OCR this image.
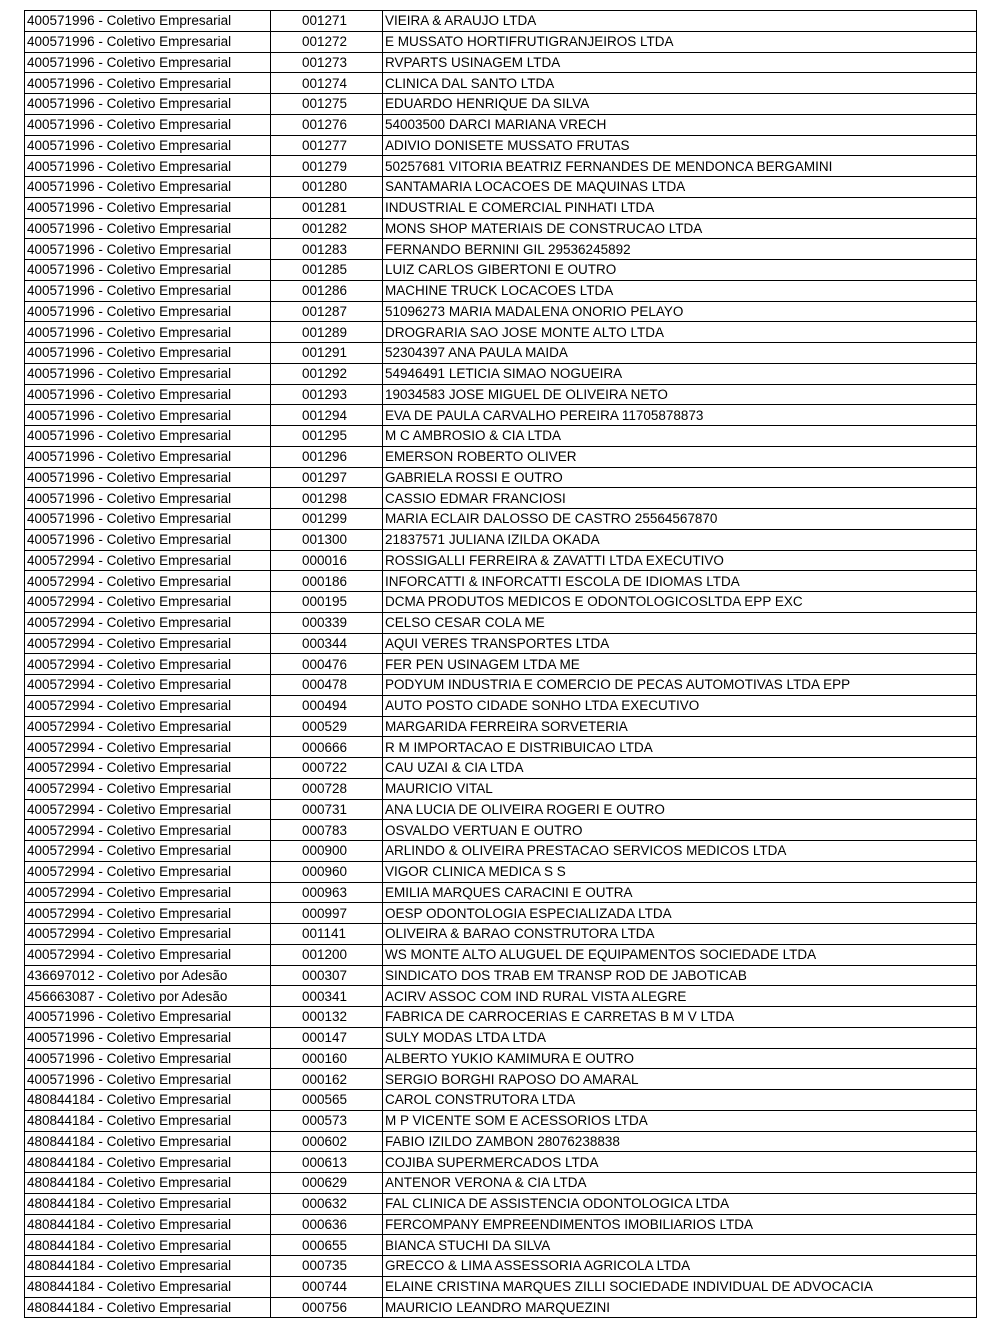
400571996 - Coletivo Empresarial	001271	VIEIRA & ARAUJO LTDA
400571996 - Coletivo Empresarial	001272	E MUSSATO HORTIFRUTIGRANJEIROS LTDA
400571996 - Coletivo Empresarial	001273	RVPARTS USINAGEM LTDA
400571996 - Coletivo Empresarial	001274	CLINICA DAL SANTO LTDA
400571996 - Coletivo Empresarial	001275	EDUARDO HENRIQUE DA SILVA
400571996 - Coletivo Empresarial	001276	54003500 DARCI MARIANA VRECH
400571996 - Coletivo Empresarial	001277	ADIVIO DONISETE MUSSATO FRUTAS
400571996 - Coletivo Empresarial	001279	50257681 VITORIA BEATRIZ FERNANDES DE MENDONCA BERGAMINI
400571996 - Coletivo Empresarial	001280	SANTAMARIA LOCACOES DE MAQUINAS LTDA
400571996 - Coletivo Empresarial	001281	INDUSTRIAL E COMERCIAL PINHATI LTDA
400571996 - Coletivo Empresarial	001282	MONS SHOP MATERIAIS DE CONSTRUCAO LTDA
400571996 - Coletivo Empresarial	001283	FERNANDO BERNINI GIL 29536245892
400571996 - Coletivo Empresarial	001285	LUIZ CARLOS GIBERTONI E OUTRO
400571996 - Coletivo Empresarial	001286	MACHINE TRUCK LOCACOES LTDA
400571996 - Coletivo Empresarial	001287	51096273 MARIA MADALENA ONORIO PELAYO
400571996 - Coletivo Empresarial	001289	DROGRARIA SAO JOSE MONTE ALTO LTDA
400571996 - Coletivo Empresarial	001291	52304397 ANA PAULA MAIDA
400571996 - Coletivo Empresarial	001292	54946491 LETICIA SIMAO NOGUEIRA
400571996 - Coletivo Empresarial	001293	19034583 JOSE MIGUEL DE OLIVEIRA NETO
400571996 - Coletivo Empresarial	001294	EVA DE PAULA CARVALHO PEREIRA 11705878873
400571996 - Coletivo Empresarial	001295	M C AMBROSIO & CIA LTDA
400571996 - Coletivo Empresarial	001296	EMERSON ROBERTO OLIVER
400571996 - Coletivo Empresarial	001297	GABRIELA ROSSI E OUTRO
400571996 - Coletivo Empresarial	001298	CASSIO EDMAR FRANCIOSI
400571996 - Coletivo Empresarial	001299	MARIA ECLAIR DALOSSO DE CASTRO 25564567870
400571996 - Coletivo Empresarial	001300	21837571 JULIANA IZILDA OKADA
400572994 - Coletivo Empresarial	000016	ROSSIGALLI FERREIRA & ZAVATTI LTDA EXECUTIVO
400572994 - Coletivo Empresarial	000186	INFORCATTI & INFORCATTI ESCOLA DE IDIOMAS LTDA
400572994 - Coletivo Empresarial	000195	DCMA PRODUTOS MEDICOS E ODONTOLOGICOSLTDA EPP EXC
400572994 - Coletivo Empresarial	000339	CELSO CESAR COLA ME
400572994 - Coletivo Empresarial	000344	AQUI VERES TRANSPORTES LTDA
400572994 - Coletivo Empresarial	000476	FER PEN USINAGEM LTDA ME
400572994 - Coletivo Empresarial	000478	PODYUM INDUSTRIA E COMERCIO DE PECAS AUTOMOTIVAS LTDA EPP
400572994 - Coletivo Empresarial	000494	AUTO POSTO CIDADE SONHO LTDA EXECUTIVO
400572994 - Coletivo Empresarial	000529	MARGARIDA FERREIRA SORVETERIA
400572994 - Coletivo Empresarial	000666	R M IMPORTACAO E DISTRIBUICAO LTDA
400572994 - Coletivo Empresarial	000722	CAU UZAI & CIA LTDA
400572994 - Coletivo Empresarial	000728	MAURICIO VITAL
400572994 - Coletivo Empresarial	000731	ANA LUCIA DE OLIVEIRA ROGERI E OUTRO
400572994 - Coletivo Empresarial	000783	OSVALDO VERTUAN E OUTRO
400572994 - Coletivo Empresarial	000900	ARLINDO & OLIVEIRA PRESTACAO SERVICOS MEDICOS LTDA
400572994 - Coletivo Empresarial	000960	VIGOR CLINICA MEDICA S S
400572994 - Coletivo Empresarial	000963	EMILIA MARQUES CARACINI E OUTRA
400572994 - Coletivo Empresarial	000997	OESP ODONTOLOGIA ESPECIALIZADA LTDA
400572994 - Coletivo Empresarial	001141	OLIVEIRA & BARAO CONSTRUTORA LTDA
400572994 - Coletivo Empresarial	001200	WS MONTE ALTO ALUGUEL DE EQUIPAMENTOS SOCIEDADE LTDA
436697012 - Coletivo por Adesão	000307	SINDICATO DOS TRAB EM TRANSP ROD DE JABOTICAB
456663087 - Coletivo por Adesão	000341	ACIRV ASSOC COM IND RURAL VISTA ALEGRE
400571996 - Coletivo Empresarial	000132	FABRICA DE CARROCERIAS E CARRETAS B M V LTDA
400571996 - Coletivo Empresarial	000147	SULY MODAS LTDA LTDA
400571996 - Coletivo Empresarial	000160	ALBERTO YUKIO KAMIMURA E OUTRO
400571996 - Coletivo Empresarial	000162	SERGIO BORGHI RAPOSO DO AMARAL
480844184 - Coletivo Empresarial	000565	CAROL CONSTRUTORA LTDA
480844184 - Coletivo Empresarial	000573	M P VICENTE SOM E ACESSORIOS LTDA
480844184 - Coletivo Empresarial	000602	FABIO IZILDO ZAMBON 28076238838
480844184 - Coletivo Empresarial	000613	COJIBA SUPERMERCADOS LTDA
480844184 - Coletivo Empresarial	000629	ANTENOR VERONA & CIA LTDA
480844184 - Coletivo Empresarial	000632	FAL CLINICA DE ASSISTENCIA ODONTOLOGICA LTDA
480844184 - Coletivo Empresarial	000636	FERCOMPANY EMPREENDIMENTOS IMOBILIARIOS LTDA
480844184 - Coletivo Empresarial	000655	BIANCA STUCHI DA SILVA
480844184 - Coletivo Empresarial	000735	GRECCO & LIMA ASSESSORIA AGRICOLA LTDA
480844184 - Coletivo Empresarial	000744	ELAINE CRISTINA MARQUES ZILLI SOCIEDADE INDIVIDUAL DE ADVOCACIA
480844184 - Coletivo Empresarial	000756	MAURICIO LEANDRO MARQUEZINI
